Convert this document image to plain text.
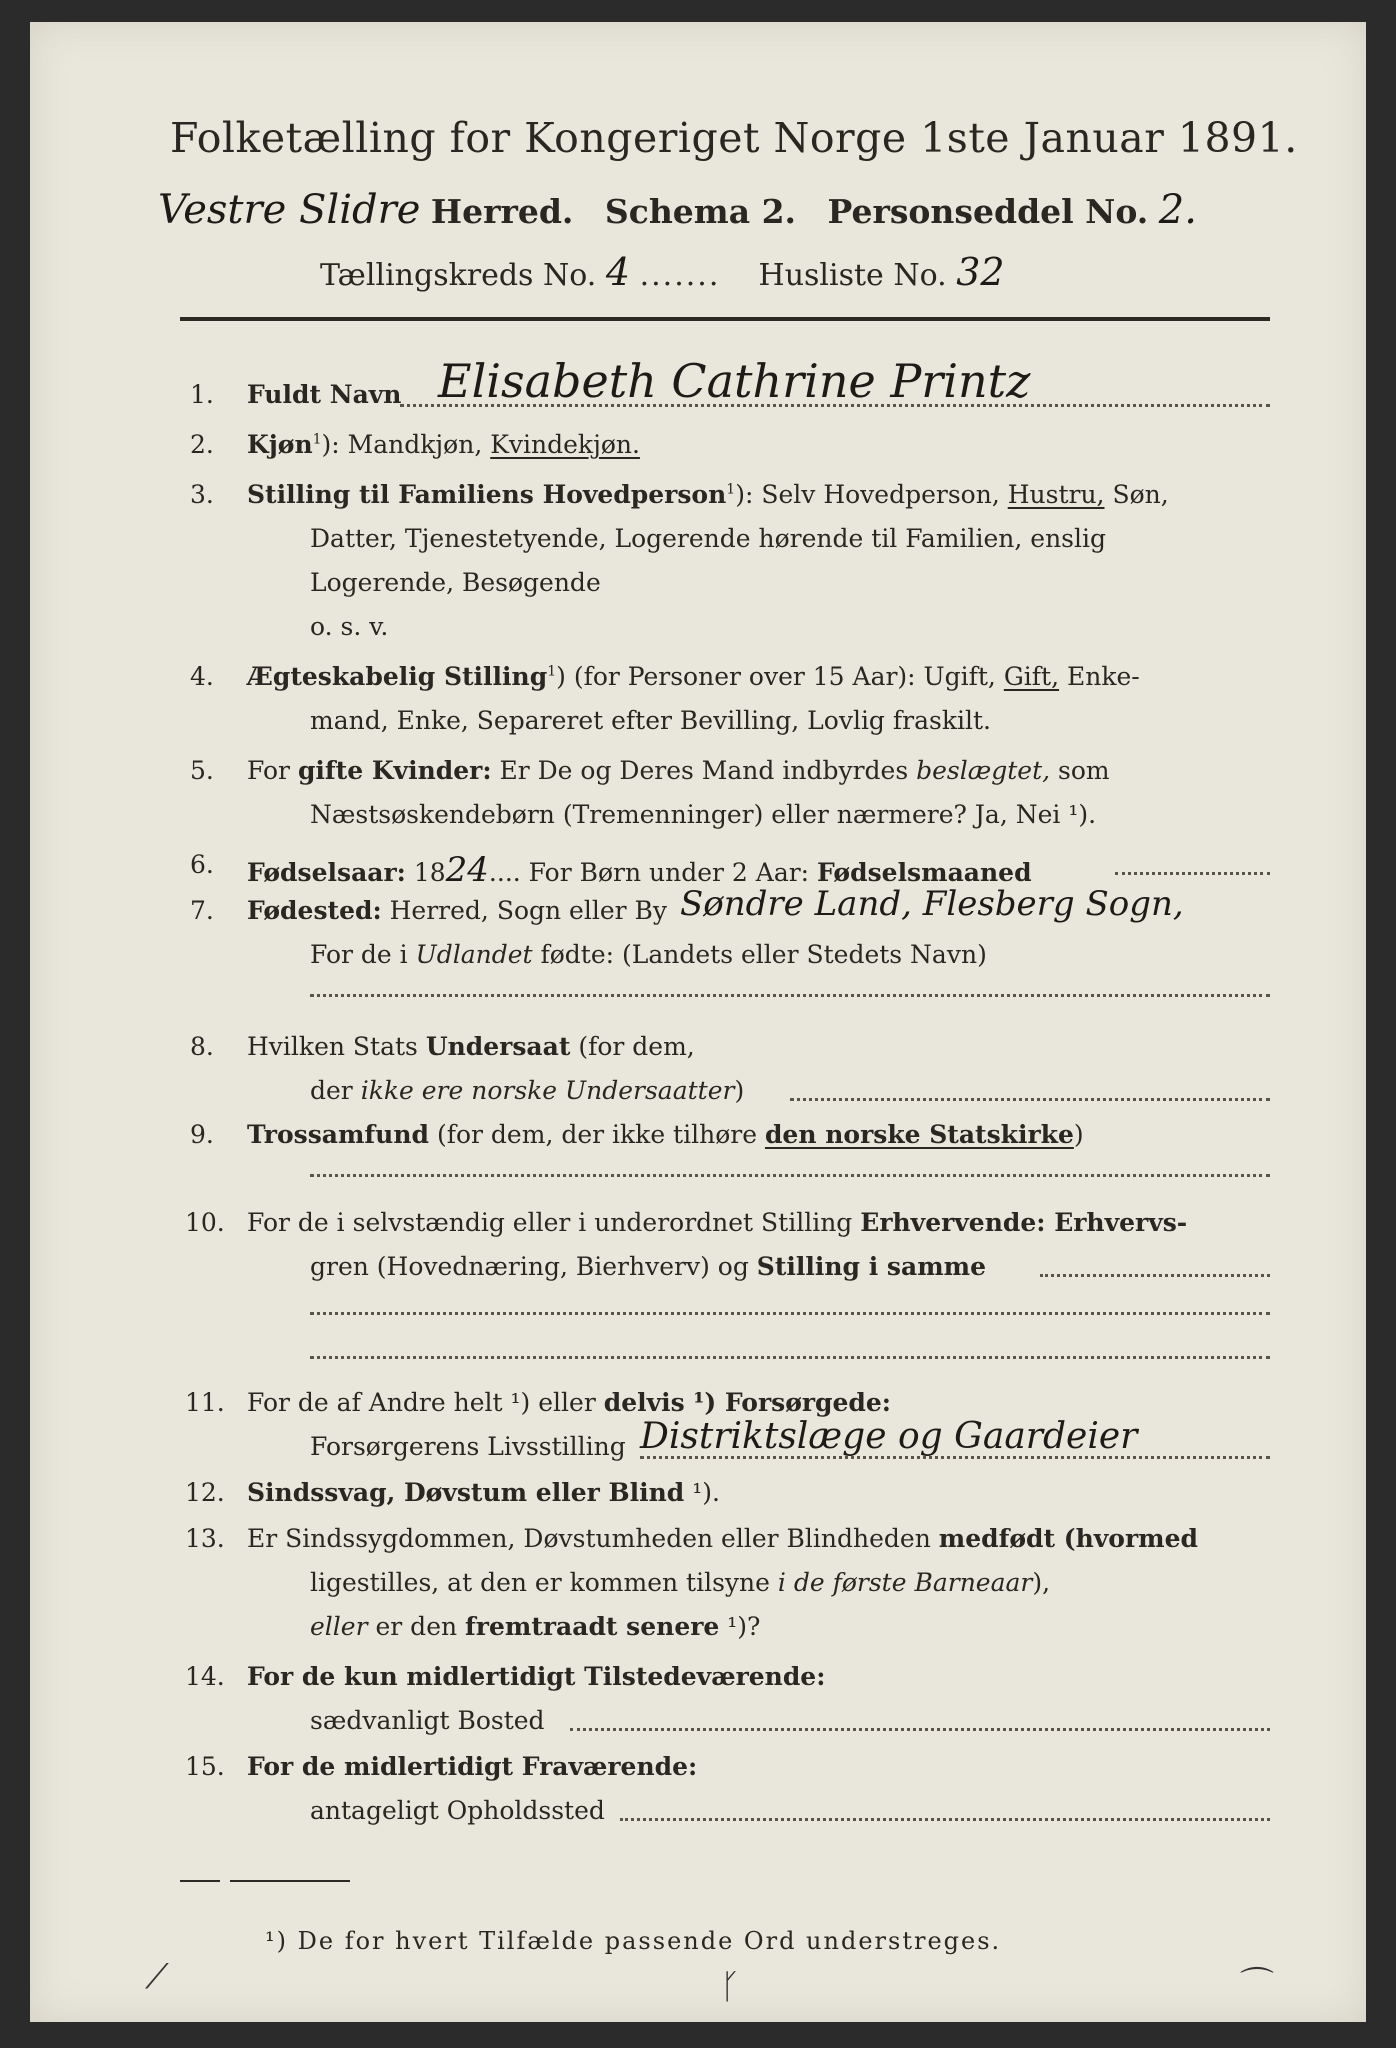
Folketælling for Kongeriget Norge 1ste Januar 1891.
Vestre Slidre Herred. Schema 2. Personseddel No. 2.
Tællingskreds No. 4 ....... Husliste No. 32
1. Fuldt Navn Elisabeth Cathrine Printz
2. Kjøn$^1$): Mandkjøn, Kvindekjøn.
3. Stilling til Familiens Hovedperson$^1$): Selv Hovedperson, Hustru, Søn,
Datter, Tjenestetyende, Logerende hørende til Familien, enslig
Logerende, Besøgende
o. s. v.
4. Ægteskabelig Stilling$^1$) (for Personer over 15 Aar): Ugift, Gift, Enke-
mand, Enke, Separeret efter Bevilling, Lovlig fraskilt.
5. For gifte Kvinder: Er De og Deres Mand indbyrdes beslægtet, som
Næstsøskendebørn (Tremenninger) eller nærmere? Ja, Nei ¹).
6. Fødselsaar: 1824.... For Børn under 2 Aar: Fødselsmaaned
7. Fødested: Herred, Sogn eller By Søndre Land, Flesberg Sogn,
For de i Udlandet fødte: (Landets eller Stedets Navn)
8. Hvilken Stats Undersaat (for dem,
der ikke ere norske Undersaatter)
9. Trossamfund (for dem, der ikke tilhøre den norske Statskirke)
10. For de i selvstændig eller i underordnet Stilling Erhvervende: Erhvervs-
gren (Hovednæring, Bierhverv) og Stilling i samme
11. For de af Andre helt ¹) eller delvis ¹) Forsørgede:
Forsørgerens Livsstilling Distriktslæge og Gaardeier
12. Sindssvag, Døvstum eller Blind ¹).
13. Er Sindssygdommen, Døvstumheden eller Blindheden medfødt (hvormed
ligestilles, at den er kommen tilsyne i de første Barneaar),
eller er den fremtraadt senere ¹)?
14. For de kun midlertidigt Tilstedeværende:
sædvanligt Bosted
15. For de midlertidigt Fraværende:
antageligt Opholdssted
¹) De for hvert Tilfælde passende Ord understreges.
⟋	ᚴ	⌒
